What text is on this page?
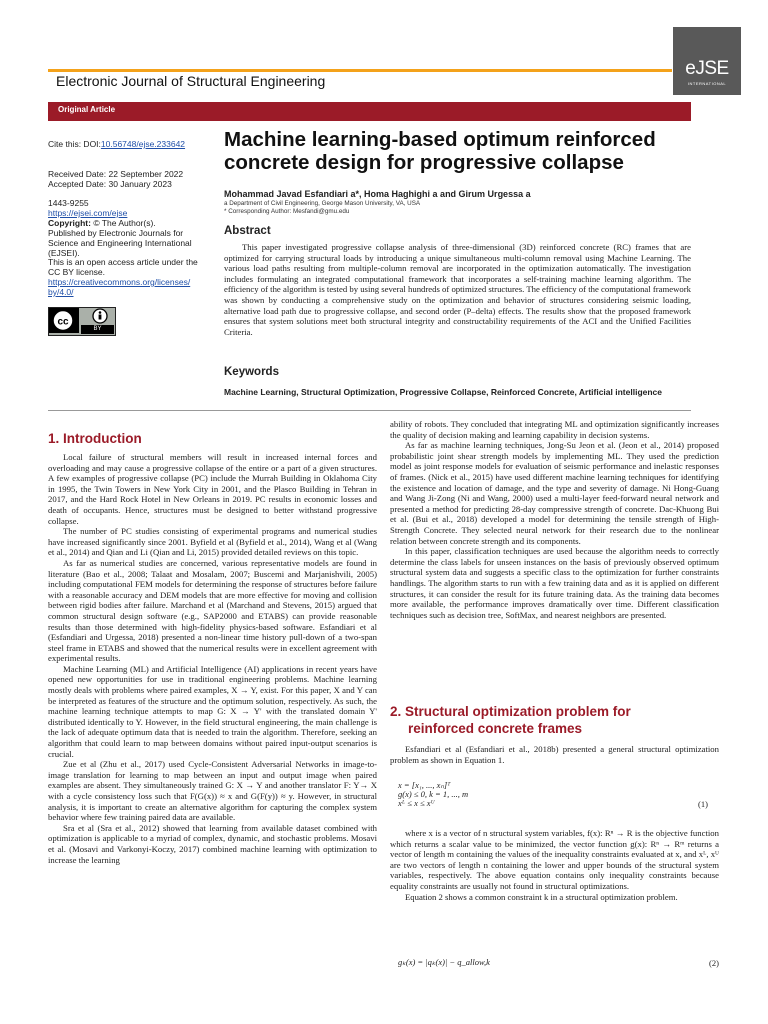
eJSE
INTERNATIONAL
Electronic Journal of Structural Engineering
Original Article
Cite this: DOI:10.56748/ejse.233642
Received Date: 22 September 2022
Accepted Date: 30 January 2023
1443-9255
https://ejsei.com/ejse
Copyright: © The Author(s).
Published by Electronic Journals for Science and Engineering International (EJSEI).
This is an open access article under the CC BY license.
https://creativecommons.org/licenses/by/4.0/
cc
BY
Machine learning-based optimum reinforced concrete design for progressive collapse
Mohammad Javad Esfandiari a*, Homa Haghighi a and Girum Urgessa a
a Department of Civil Engineering, George Mason University, VA, USA
* Corresponding Author: Mesfandi@gmu.edu
Abstract
This paper investigated progressive collapse analysis of three-dimensional (3D) reinforced concrete (RC) frames that are optimized for carrying structural loads by introducing a unique simultaneous multi-column removal using Machine Learning. The various load paths resulting from multiple-column removal are incorporated in the optimization automatically. The investigation includes formulating an integrated computational framework that incorporates a self-training machine learning algorithm. The efficiency of the algorithm is tested by using several hundreds of optimized structures. The efficiency of the computational framework was shown by conducting a comprehensive study on the optimization and behavior of structures considering seismic loading, alternative load path due to progressive collapse, and second order (P–delta) effects. The results show that the proposed framework ensures that system solutions meet both structural integrity and constructability requirements of the ACI and the Unified Facilities Criteria.
Keywords
Machine Learning, Structural Optimization, Progressive Collapse, Reinforced Concrete, Artificial intelligence
1. Introduction

Local failure of structural members will result in increased internal forces and overloading and may cause a progressive collapse of the entire or a part of a given structures. A few examples of progressive collapse (PC) include the Murrah Building in Oklahoma City in 1995, the Twin Towers in New York City in 2001, and the Plasco Building in Tehran in 2017, and the Hard Rock Hotel in New Orleans in 2019. PC results in economic losses and death of occupants. Hence, structures must be designed to better withstand progressive collapse.

The number of PC studies consisting of experimental programs and numerical studies have increased significantly since 2001. Byfield et al (Byfield et al., 2014), Wang et al (Wang et al., 2014) and Qian and Li (Qian and Li, 2015) provided detailed reviews on this topic.

As far as numerical studies are concerned, various representative models are found in literature (Bao et al., 2008; Talaat and Mosalam, 2007; Buscemi and Marjanishvili, 2005) including computational FEM models for determining the response of structures before failure with a reasonable accuracy and DEM models that are more effective for moving and collision between rigid bodies after failure. Marchand et al (Marchand and Stevens, 2015) argued that common structural design software (e.g., SAP2000 and ETABS) can provide reasonable results than those determined with high-fidelity physics-based software. Esfandiari et al (Esfandiari and Urgessa, 2018) presented a non-linear time history pull-down of a two-span steel frame in ETABS and showed that the numerical results were in excellent agreement with experimental results.

Machine Learning (ML) and Artificial Intelligence (AI) applications in recent years have opened new opportunities for use in traditional engineering problems. Machine learning mostly deals with problems where paired examples, X → Y, exist. For this paper, X and Y can be interpreted as features of the structure and the optimum solution, respectively. As such, the machine learning technique attempts to map G: X → Y' with the translated domain Y' distributed identically to Y. However, in the field structural engineering, the main challenge is the lack of adequate optimum data that is needed to train the algorithm. Therefore, seeking an algorithm that could learn to map between domains without paired input-output scenarios is crucial.

Zue et al (Zhu et al., 2017) used Cycle-Consistent Adversarial Networks in image-to-image translation for learning to map between an input and output image when paired examples are absent. They simultaneously trained G: X → Y and another translator F: Y→ X with a cycle consistency loss such that F(G(x)) ≈ x and G(F(y)) ≈ y. However, in structural analysis, it is important to create an alternative algorithm for capturing the complex system behavior where few training paired data are available.

Sra et al (Sra et al., 2012) showed that learning from available dataset combined with optimization is applicable to a myriad of complex, dynamic, and stochastic problems. Mosavi et al. (Mosavi and Varkonyi-Koczy, 2017) combined machine learning with optimization to increase the learning

ability of robots. They concluded that integrating ML and optimization significantly increases the quality of decision making and learning capability in decision systems.

As far as machine learning techniques, Jong-Su Jeon et al. (Jeon et al., 2014) proposed probabilistic joint shear strength models by implementing ML. They used the prediction model as joint response models for evaluation of seismic performance and inelastic responses of frames. (Nick et al., 2015) have used different machine learning techniques for identifying the existence and location of damage, and the type and severity of damage. Ni Hong-Guang and Wang Ji-Zong (Ni and Wang, 2000) used a multi-layer feed-forward neural network and presented a method for predicting 28-day compressive strength of concrete. Dac-Khuong Bui et al. (Bui et al., 2018) developed a model for determining the tensile strength of High-Strength Concrete. They selected neural network for their research due to the nonlinear relation between concrete strength and its components.

In this paper, classification techniques are used because the algorithm needs to correctly determine the class labels for unseen instances on the basis of previously observed optimum structural system data and suggests a specific class to the optimization for further constraints handlings. The algorithm starts to run with a few training data and as it is applied on different structures, it can consider the result for its future training data. As the training data becomes more available, the performance improves dramatically over time. Different classification techniques such as decision tree, SoftMax, and nearest neighbors are presented.

2. Structural optimization problem for
reinforced concrete frames

Esfandiari et al (Esfandiari et al., 2018b) presented a general structural optimization problem as shown in Equation 1.

x = [x₁, ..., xₙ]ᵀ
g(x) ≤ 0, k = 1, ..., m
xᴸ ≤ x ≤ xᵁ	(1)

where x is a vector of n structural system variables, f(x): Rⁿ → R is the objective function which returns a scalar value to be minimized, the vector function g(x): Rⁿ → Rᵐ returns a vector of length m containing the values of the inequality constraints evaluated at x, and xᴸ, xᵁ are two vectors of length n containing the lower and upper bounds of the structural system variables, respectively. The above equation contains only inequality constraints because equality constraints are usually not found in structural optimizations.

Equation 2 shows a common constraint k in a structural optimization problem.

gₖ(x) = |qₖ(x)| − q_allow,k	(2)
